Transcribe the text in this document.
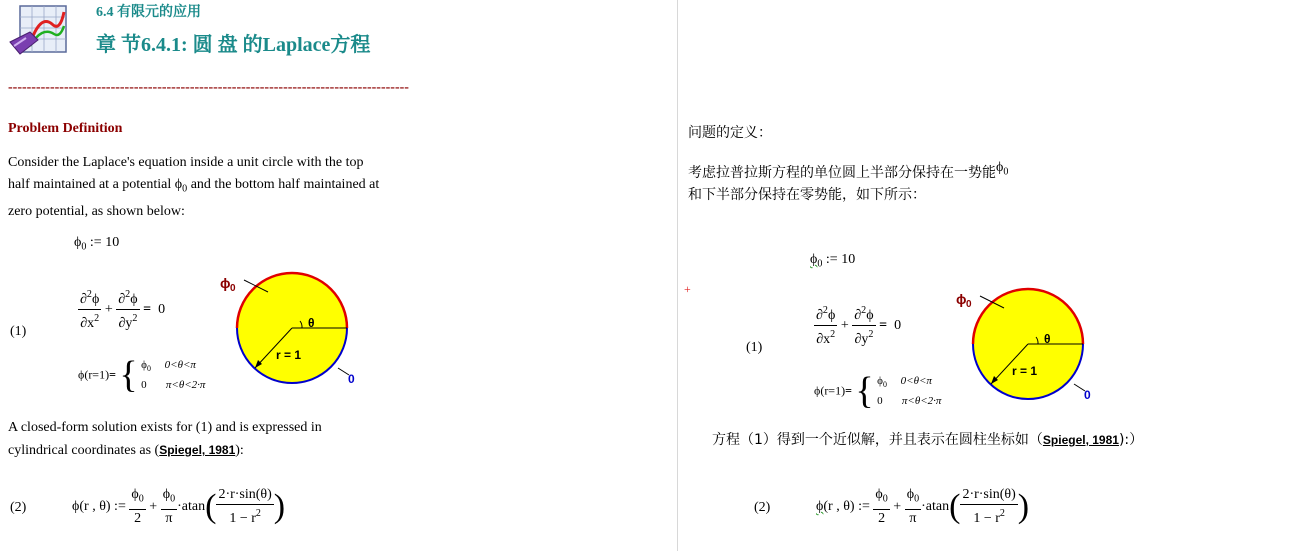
6.4 有限元的应用
章 节6.4.1: 圆 盘 的Laplace方程
--------------------------------------------------------------------------------------
Problem Definition
Consider the Laplace's equation inside a unit circle with the top
half maintained at a potential $\phi_0$ and the bottom half maintained at
zero potential, as shown below:
$\phi_0$ := 10
$\frac{\partial^2\phi}{\partial x^2} + \frac{\partial^2\phi}{\partial y^2} = 0$
(1)
ϕ(r=1)= { $\phi_0$ 0<θ<π
0 π<θ<2·π
ϕ 0
θ
r = 1
0
A closed-form solution exists for (1) and is expressed in
cylindrical coordinates as (Spiegel, 1981):
(2)	ϕ(r , θ) := $\frac{\phi_0}{2} + \frac{\phi_0}{\pi} \cdot atan( \frac{2\cdot r\cdot\sin(\theta)}{1 - r^2}$ )
问题的定义：
考虑拉普拉斯方程的单位圆上半部分保持在一势能$\phi_0$
和下半部分保持在零势能，如下所示：
+
$\phi_0$ := 10
$\frac{\partial^2\phi}{\partial x^2} + \frac{\partial^2\phi}{\partial y^2} = 0$
(1)
ϕ(r=1)= { $\phi_0$ 0<θ<π
0 π<θ<2·π
ϕ 0
θ
r = 1
0
方程（1）得到一个近似解，并且表示在圆柱坐标如（Spiegel, 1981):）
(2)	ϕ(r , θ) := $\frac{\phi_0}{2} + \frac{\phi_0}{\pi} \cdot atan( \frac{2\cdot r\cdot\sin(\theta)}{1 - r^2}$ )
